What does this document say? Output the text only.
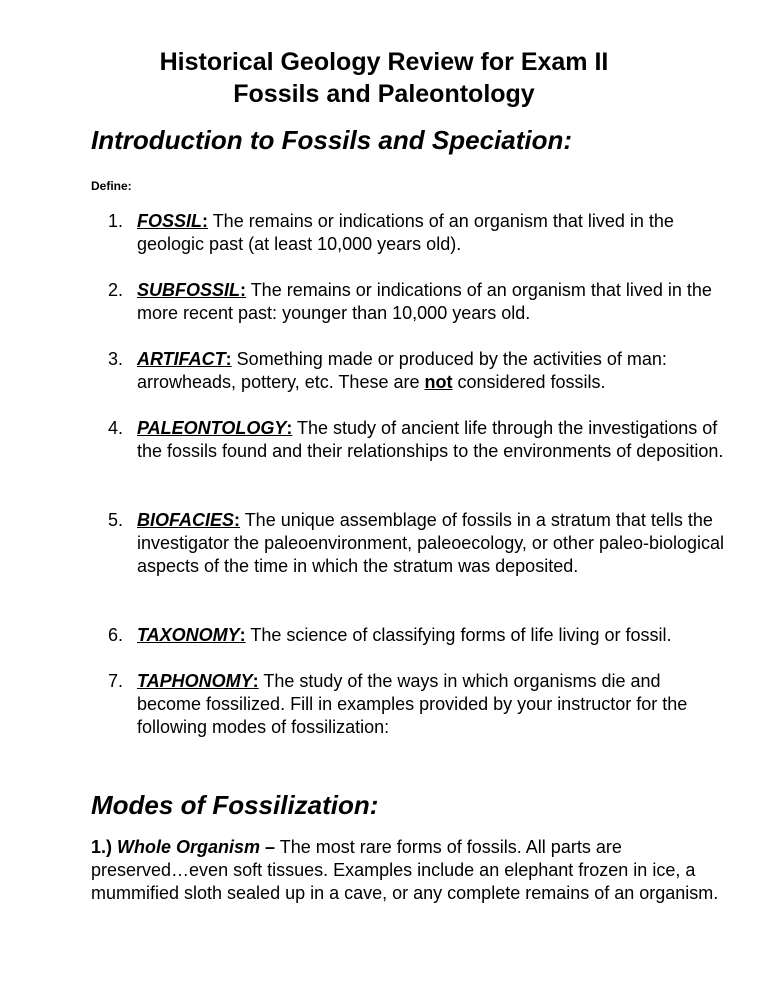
Historical Geology Review for Exam II
Fossils and Paleontology
Introduction to Fossils and Speciation:
Define:
1. FOSSIL: The remains or indications of an organism that lived in the geologic past (at least 10,000 years old).
2. SUBFOSSIL: The remains or indications of an organism that lived in the more recent past: younger than 10,000 years old.
3. ARTIFACT: Something made or produced by the activities of man: arrowheads, pottery, etc. These are not considered fossils.
4. PALEONTOLOGY: The study of ancient life through the investigations of the fossils found and their relationships to the environments of deposition.
5. BIOFACIES: The unique assemblage of fossils in a stratum that tells the investigator the paleoenvironment, paleoecology, or other paleo-biological aspects of the time in which the stratum was deposited.
6. TAXONOMY: The science of classifying forms of life living or fossil.
7. TAPHONOMY: The study of the ways in which organisms die and become fossilized. Fill in examples provided by your instructor for the following modes of fossilization:
Modes of Fossilization:
1.) Whole Organism – The most rare forms of fossils. All parts are preserved…even soft tissues. Examples include an elephant frozen in ice, a mummified sloth sealed up in a cave, or any complete remains of an organism.
